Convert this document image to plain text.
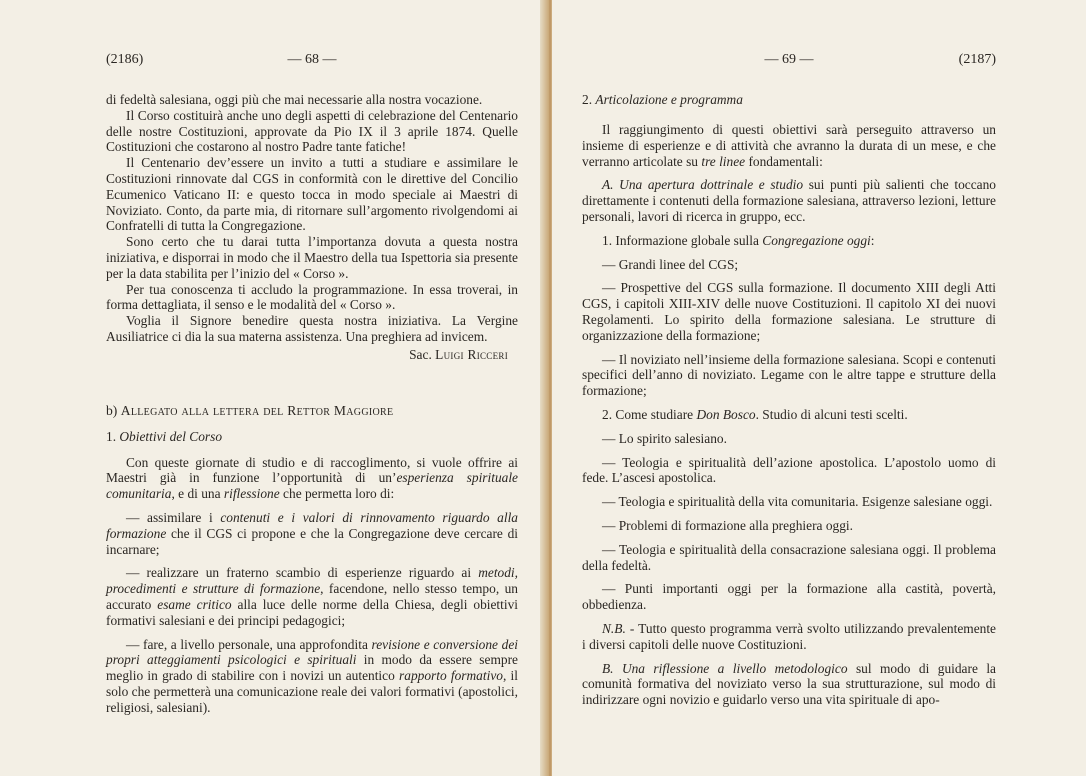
(2186)	— 68 —

di fedeltà salesiana, oggi più che mai necessarie alla nostra vocazione.

Il Corso costituirà anche uno degli aspetti di celebrazione del Centenario delle nostre Costituzioni, approvate da Pio IX il 3 aprile 1874. Quelle Costituzioni che costarono al nostro Padre tante fatiche!

Il Centenario dev’essere un invito a tutti a studiare e assimilare le Costituzioni rinnovate dal CGS in conformità con le direttive del Concilio Ecumenico Vaticano II: e questo tocca in modo speciale ai Maestri di Noviziato. Conto, da parte mia, di ritornare sull’argomento rivolgendomi ai Confratelli di tutta la Congregazione.

Sono certo che tu darai tutta l’importanza dovuta a questa nostra iniziativa, e disporrai in modo che il Maestro della tua Ispettoria sia presente per la data stabilita per l’inizio del « Corso ».

Per tua conoscenza ti accludo la programmazione. In essa troverai, in forma dettagliata, il senso e le modalità del « Corso ».

Voglia il Signore benedire questa nostra iniziativa. La Vergine Ausiliatrice ci dia la sua materna assistenza. Una preghiera ad invicem.

Sac. Luigi Ricceri

b) Allegato alla lettera del Rettor Maggiore
1. Obiettivi del Corso

Con queste giornate di studio e di raccoglimento, si vuole offrire ai Maestri già in funzione l’opportunità di un’esperienza spirituale comunitaria, e di una riflessione che permetta loro di:

— assimilare i contenuti e i valori di rinnovamento riguardo alla formazione che il CGS ci propone e che la Congregazione deve cercare di incarnare;

— realizzare un fraterno scambio di esperienze riguardo ai metodi, procedimenti e strutture di formazione, facendone, nello stesso tempo, un accurato esame critico alla luce delle norme della Chiesa, degli obiettivi formativi salesiani e dei principi pedagogici;

— fare, a livello personale, una approfondita revisione e conversione dei propri atteggiamenti psicologici e spirituali in modo da essere sempre meglio in grado di stabilire con i novizi un autentico rapporto formativo, il solo che permetterà una comunicazione reale dei valori formativi (apostolici, religiosi, salesiani).

— 69 —	(2187)
2. Articolazione e programma

Il raggiungimento di questi obiettivi sarà perseguito attraverso un insieme di esperienze e di attività che avranno la durata di un mese, e che verranno articolate su tre linee fondamentali:

A. Una apertura dottrinale e studio sui punti più salienti che toccano direttamente i contenuti della formazione salesiana, attraverso lezioni, letture personali, lavori di ricerca in gruppo, ecc.

1. Informazione globale sulla Congregazione oggi:

— Grandi linee del CGS;

— Prospettive del CGS sulla formazione. Il documento XIII degli Atti CGS, i capitoli XIII-XIV delle nuove Costituzioni. Il capitolo XI dei nuovi Regolamenti. Lo spirito della formazione salesiana. Le strutture di organizzazione della formazione;

— Il noviziato nell’insieme della formazione salesiana. Scopi e contenuti specifici dell’anno di noviziato. Legame con le altre tappe e strutture della formazione;

2. Come studiare Don Bosco. Studio di alcuni testi scelti.

— Lo spirito salesiano.

— Teologia e spiritualità dell’azione apostolica. L’apostolo uomo di fede. L’ascesi apostolica.

— Teologia e spiritualità della vita comunitaria. Esigenze salesiane oggi.

— Problemi di formazione alla preghiera oggi.

— Teologia e spiritualità della consacrazione salesiana oggi. Il problema della fedeltà.

— Punti importanti oggi per la formazione alla castità, povertà, obbedienza.

N.B. - Tutto questo programma verrà svolto utilizzando prevalentemente i diversi capitoli delle nuove Costituzioni.

B. Una riflessione a livello metodologico sul modo di guidare la comunità formativa del noviziato verso la sua strutturazione, sul modo di indirizzare ogni novizio e guidarlo verso una vita spirituale di apo-
